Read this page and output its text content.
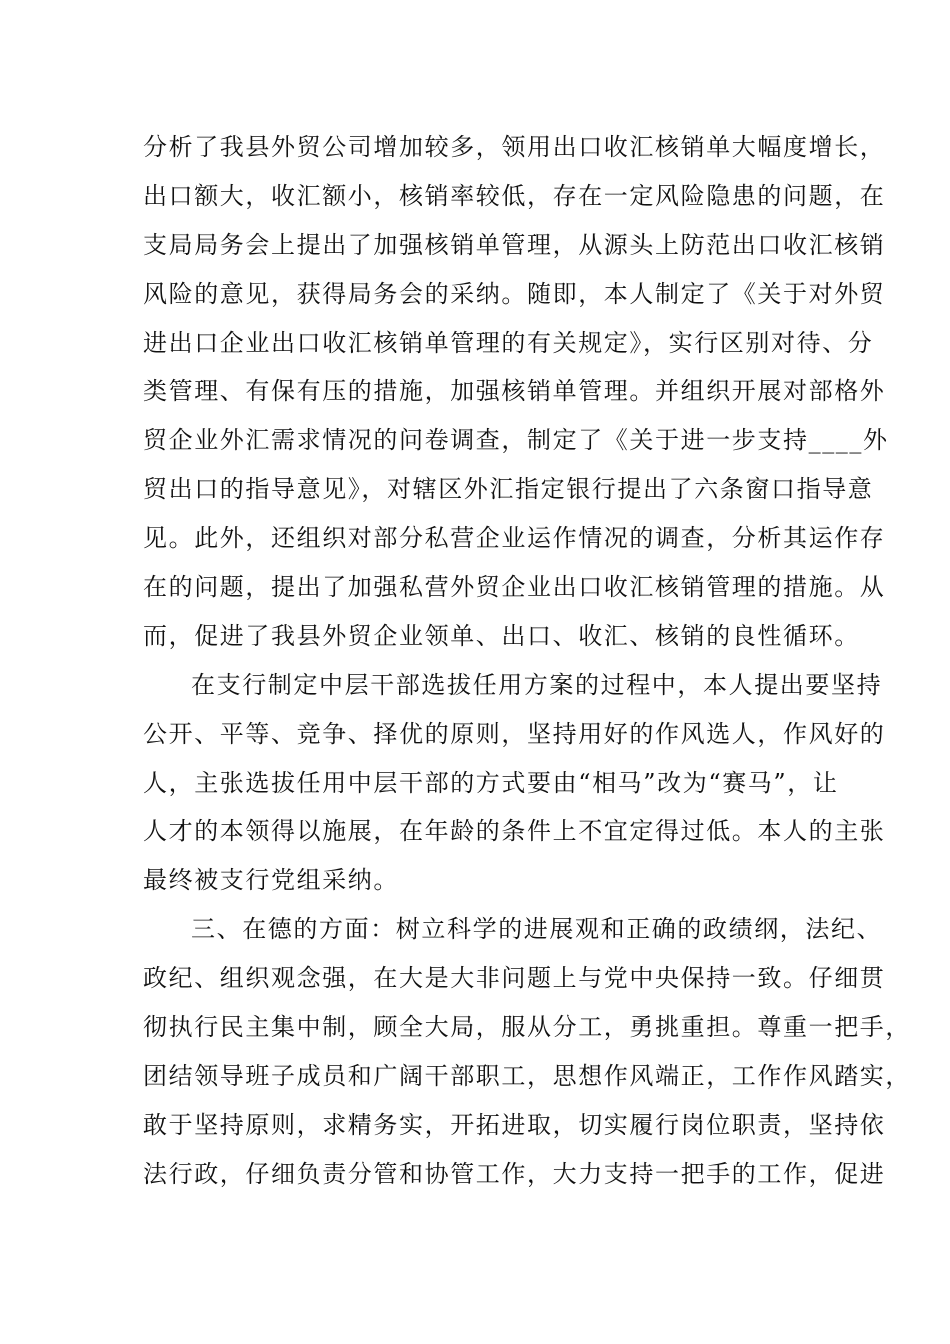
分析了我县外贸公司增加较多，领用出口收汇核销单大幅度增长，
出口额大，收汇额小，核销率较低，存在一定风险隐患的问题，在
支局局务会上提出了加强核销单管理，从源头上防范出口收汇核销
风险的意见，获得局务会的采纳。随即，本人制定了《关于对外贸
进出口企业出口收汇核销单管理的有关规定》，实行区别对待、分
类管理、有保有压的措施，加强核销单管理。并组织开展对部格外
贸企业外汇需求情况的问卷调查，制定了《关于进一步支持____外
贸出口的指导意见》，对辖区外汇指定银行提出了六条窗口指导意
见。此外，还组织对部分私营企业运作情况的调查，分析其运作存
在的问题，提出了加强私营外贸企业出口收汇核销管理的措施。从
而，促进了我县外贸企业领单、出口、收汇、核销的良性循环。
在支行制定中层干部选拔任用方案的过程中，本人提出要坚持
公开、平等、竞争、择优的原则，坚持用好的作风选人，作风好的
人，主张选拔任用中层干部的方式要由“相马”改为“赛马”，让
人才的本领得以施展，在年龄的条件上不宜定得过低。本人的主张
最终被支行党组采纳。
三、在德的方面：树立科学的进展观和正确的政绩纲，法纪、
政纪、组织观念强，在大是大非问题上与党中央保持一致。仔细贯
彻执行民主集中制，顾全大局，服从分工，勇挑重担。尊重一把手，
团结领导班子成员和广阔干部职工，思想作风端正，工作作风踏实，
敢于坚持原则，求精务实，开拓进取，切实履行岗位职责，坚持依
法行政，仔细负责分管和协管工作，大力支持一把手的工作，促进
